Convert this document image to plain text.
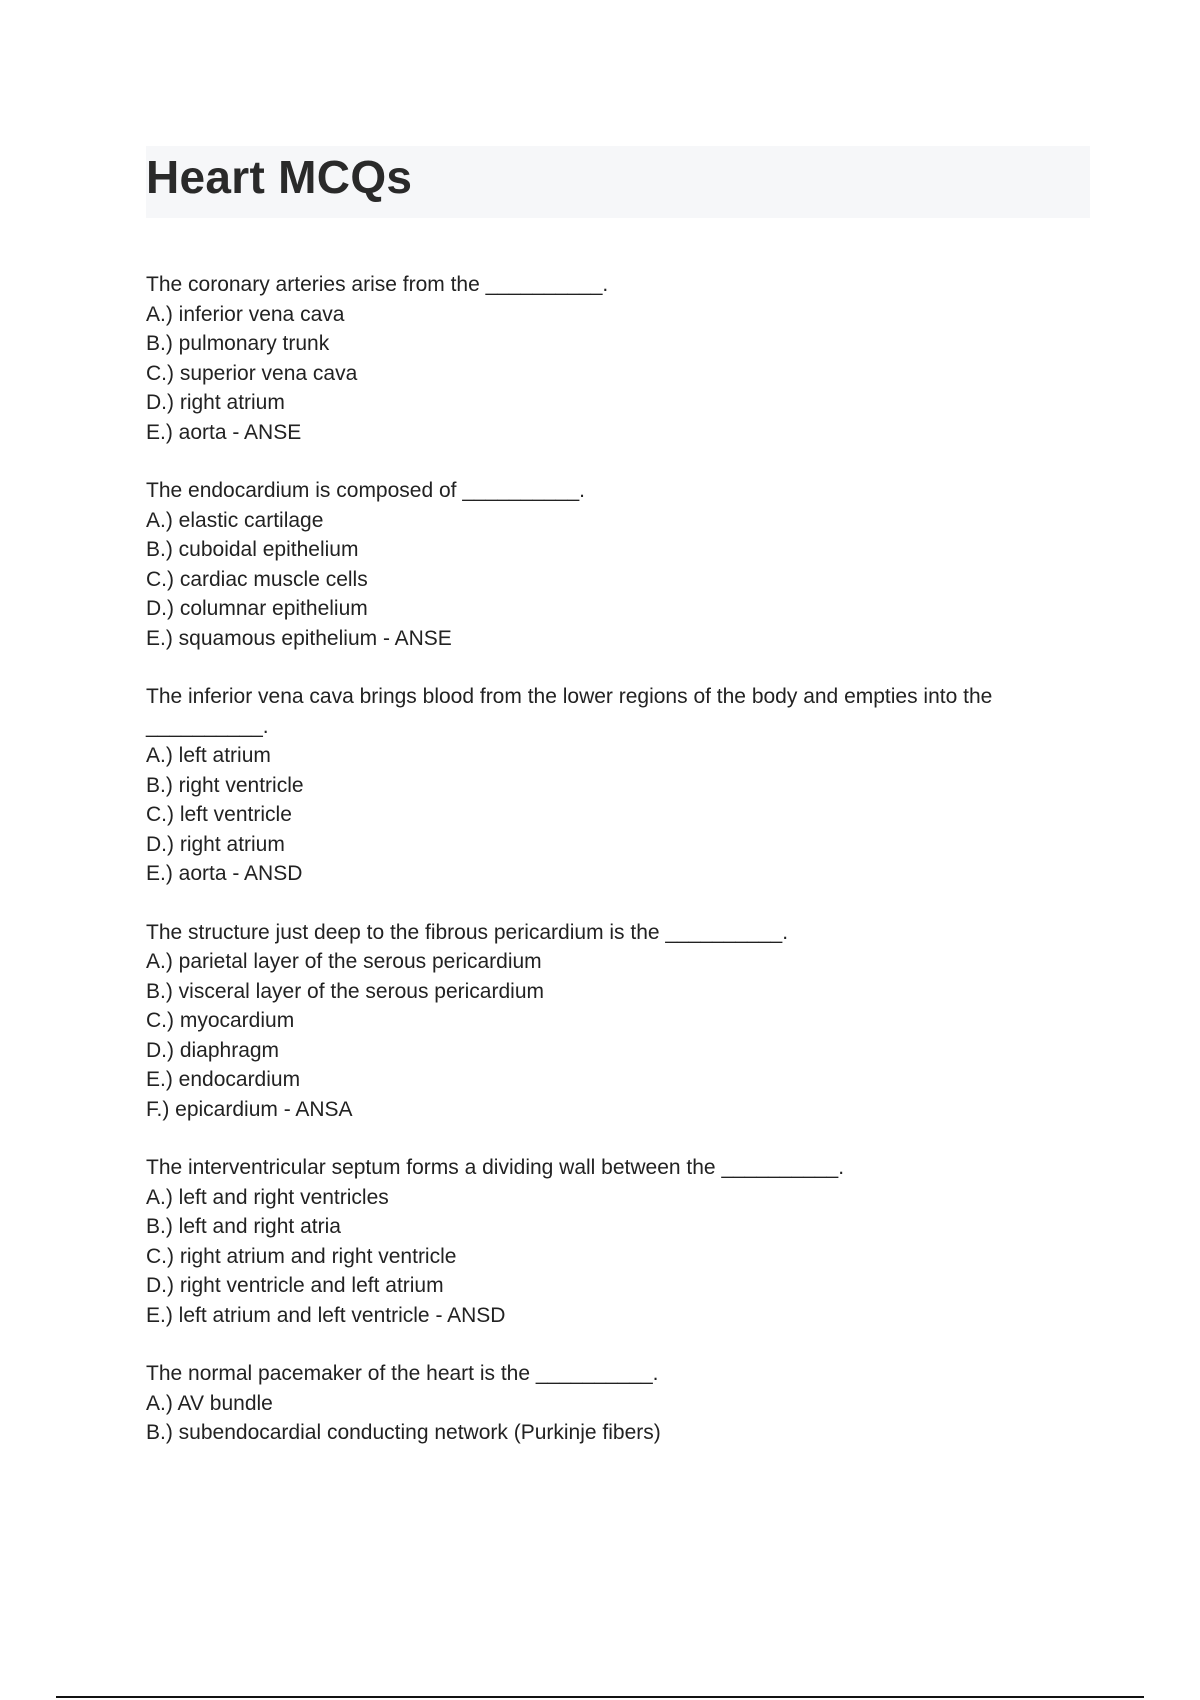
Heart MCQs

The coronary arteries arise from the __________.

A.) inferior vena cava

B.) pulmonary trunk

C.) superior vena cava

D.) right atrium

E.) aorta - ANSE

The endocardium is composed of __________.

A.) elastic cartilage

B.) cuboidal epithelium

C.) cardiac muscle cells

D.) columnar epithelium

E.) squamous epithelium - ANSE

The inferior vena cava brings blood from the lower regions of the body and empties into the __________.

A.) left atrium

B.) right ventricle

C.) left ventricle

D.) right atrium

E.) aorta - ANSD

The structure just deep to the fibrous pericardium is the __________.

A.) parietal layer of the serous pericardium

B.) visceral layer of the serous pericardium

C.) myocardium

D.) diaphragm

E.) endocardium

F.) epicardium - ANSA

The interventricular septum forms a dividing wall between the __________.

A.) left and right ventricles

B.) left and right atria

C.) right atrium and right ventricle

D.) right ventricle and left atrium

E.) left atrium and left ventricle - ANSD

The normal pacemaker of the heart is the __________.

A.) AV bundle

B.) subendocardial conducting network (Purkinje fibers)
